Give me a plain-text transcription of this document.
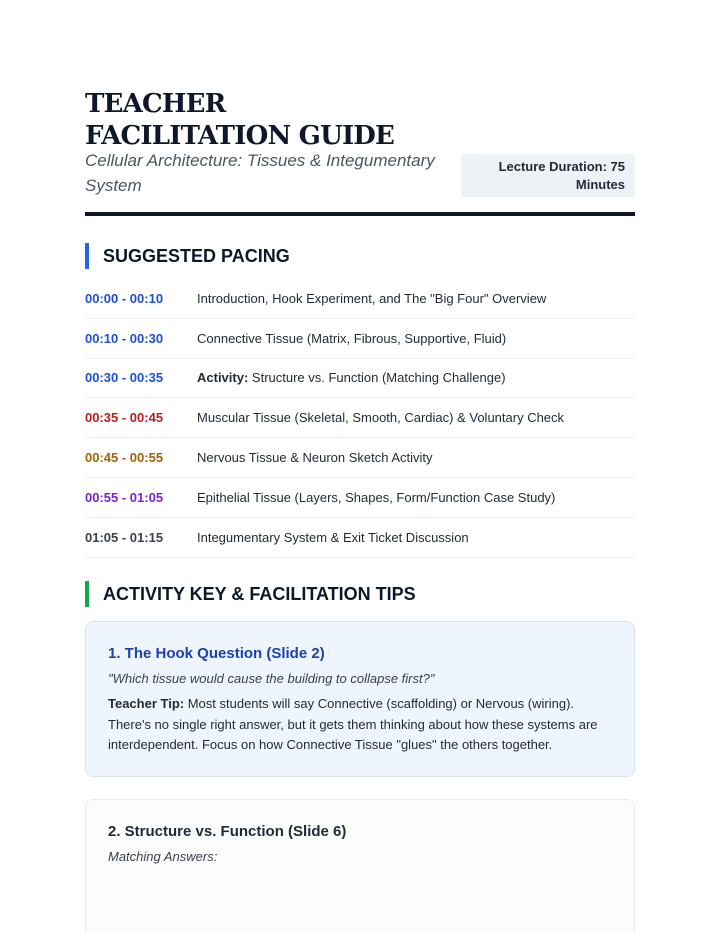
TEACHER FACILITATION GUIDE

Cellular Architecture: Tissues & Integumentary System

Lecture Duration: 75 Minutes
SUGGESTED PACING
00:00 - 00:10	Introduction, Hook Experiment, and The "Big Four" Overview
00:10 - 00:30	Connective Tissue (Matrix, Fibrous, Supportive, Fluid)
00:30 - 00:35	Activity: Structure vs. Function (Matching Challenge)
00:35 - 00:45	Muscular Tissue (Skeletal, Smooth, Cardiac) & Voluntary Check
00:45 - 00:55	Nervous Tissue & Neuron Sketch Activity
00:55 - 01:05	Epithelial Tissue (Layers, Shapes, Form/Function Case Study)
01:05 - 01:15	Integumentary System & Exit Ticket Discussion
ACTIVITY KEY & FACILITATION TIPS

1. The Hook Question (Slide 2)

"Which tissue would cause the building to collapse first?"

Teacher Tip: Most students will say Connective (scaffolding) or Nervous (wiring). There's no single right answer, but it gets them thinking about how these systems are interdependent. Focus on how Connective Tissue "glues" the others together.

2. Structure vs. Function (Slide 6)

Matching Answers:
